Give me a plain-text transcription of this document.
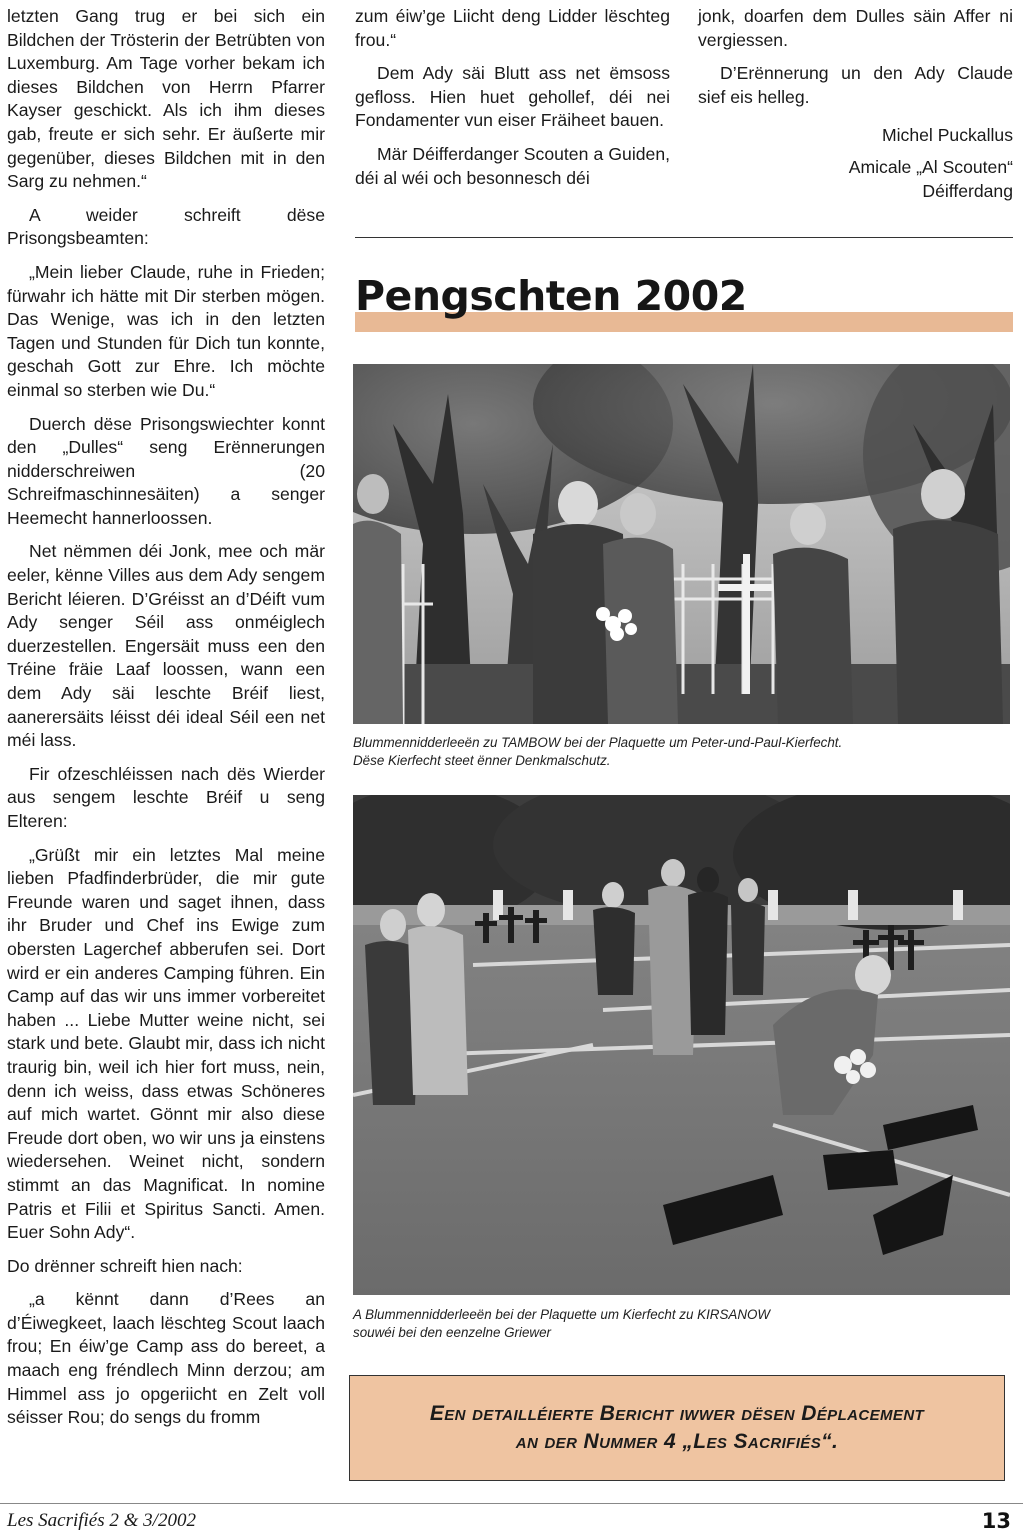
letzten Gang trug er bei sich ein Bildchen der Trösterin der Betrübten von Luxemburg. Am Tage vorher bekam ich dieses Bildchen von Herrn Pfarrer Kayser geschickt. Als ich ihm dieses gab, freute er sich sehr. Er äußerte mir gegenüber, dieses Bildchen mit in den Sarg zu nehmen.“

A weider schreift dëse Prisongsbeamten:

„Mein lieber Claude, ruhe in Frieden; fürwahr ich hätte mit Dir sterben mögen. Das Wenige, was ich in den letzten Tagen und Stunden für Dich tun konnte, geschah Gott zur Ehre. Ich möchte einmal so sterben wie Du.“

Duerch dëse Prisongswiechter konnt den „Dulles“ seng Erënnerungen nidderschreiwen (20 Schreifmaschinnesäiten) a senger Heemecht hannerloossen.

Net nëmmen déi Jonk, mee och mär eeler, kënne Villes aus dem Ady sengem Bericht léieren. D’Gréisst an d’Déift vum Ady senger Séil ass onméiglech duerzestellen. Engersäit muss een den Tréine fräie Laaf loossen, wann een dem Ady säi leschte Bréif liest, aanerersäits léisst déi ideal Séil een net méi lass.

Fir ofzeschléissen nach dës Wierder aus sengem leschte Bréif u seng Elteren:

„Grüßt mir ein letztes Mal meine lieben Pfadfinderbrüder, die mir gute Freunde waren und saget ihnen, dass ihr Bruder und Chef ins Ewige zum obersten Lagerchef abberufen sei. Dort wird er ein anderes Camping führen. Ein Camp auf das wir uns immer vorbereitet haben ... Liebe Mutter weine nicht, sei stark und bete. Glaubt mir, dass ich nicht traurig bin, weil ich hier fort muss, nein, denn ich weiss, dass etwas Schöneres auf mich wartet. Gönnt mir also diese Freude dort oben, wo wir uns ja einstens wiedersehen. Weinet nicht, sondern stimmt an das Magnificat. In nomine Patris et Filii et Spiritus Sancti. Amen. Euer Sohn Ady“.

Do drënner schreift hien nach:

„a kënnt dann d’Rees an d’Éiwegkeet, laach lëschteg Scout laach frou; En éiw’ge Camp ass do bereet, a maach eng fréndlech Minn derzou; am Himmel ass jo opgeriicht en Zelt voll séisser Rou; do sengs du fromm

zum éiw’ge Liicht deng Lidder lëschteg frou.“

Dem Ady säi Blutt ass net ëmsoss gefloss. Hien huet gehollef, déi nei Fondamenter vun eiser Fräiheet bauen.

Mär Déifferdanger Scouten a Guiden, déi al wéi och besonnesch déi

jonk, doarfen dem Dulles säin Affer ni vergiessen.

D’Erënnerung un den Ady Claude sief eis helleg.

Michel Puckallus

Amicale „Al Scouten“

Déifferdang

Pengschten 2002

Blummennidderleeën zu TAMBOW bei der Plaquette um Peter-und-Paul-Kierfecht.
Dëse Kierfecht steet ënner Denkmalschutz.

A Blummennidderleeën bei der Plaquette um Kierfecht zu KIRSANOW
souwéi bei den eenzelne Griewer

Een detailléierte Bericht iwwer dësen Déplacement
an der Nummer 4 „Les Sacrifiés“.

Les Sacrifiés 2 & 3/2002	13
